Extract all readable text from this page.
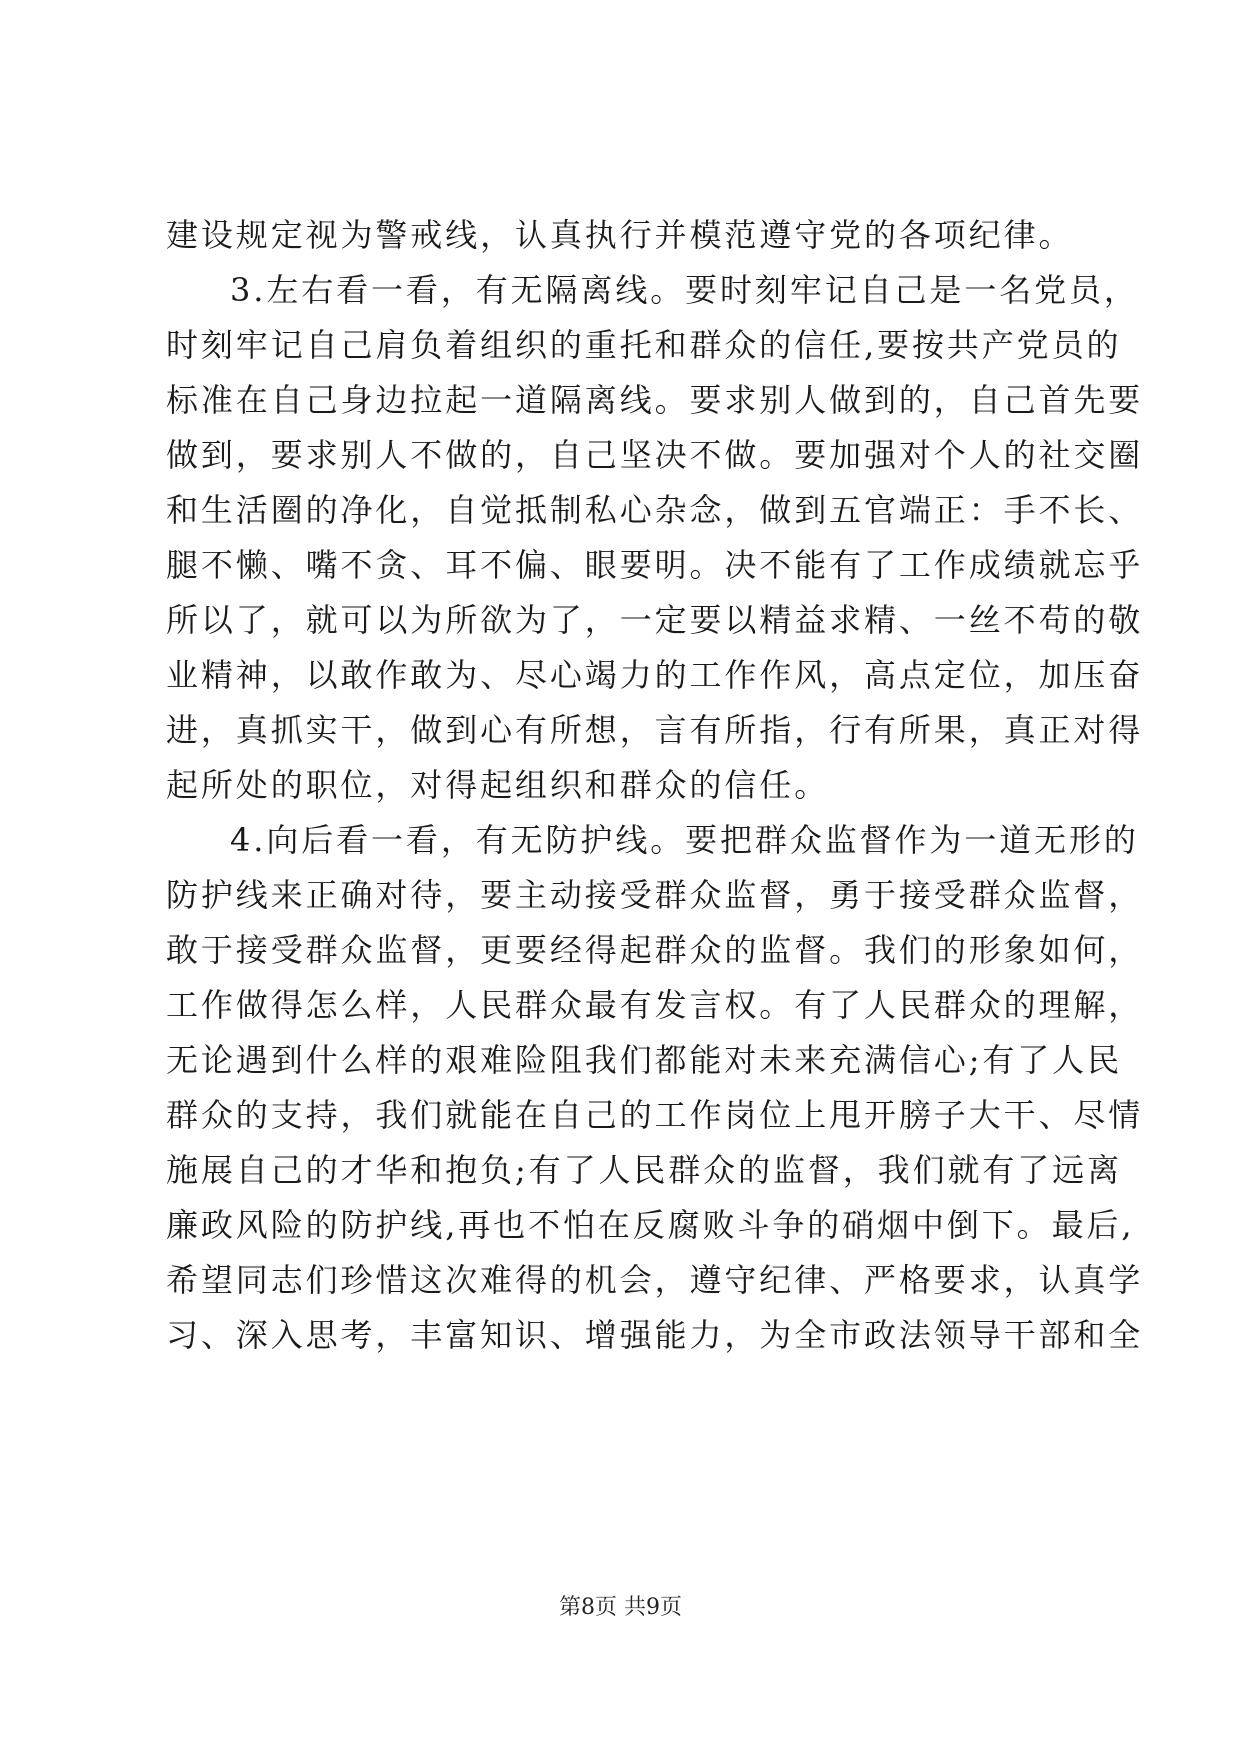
建设规定视为警戒线，认真执行并模范遵守党的各项纪律。
3.左右看一看，有无隔离线。要时刻牢记自己是一名党员，
时刻牢记自己肩负着组织的重托和群众的信任,要按共产党员的
标准在自己身边拉起一道隔离线。要求别人做到的，自己首先要
做到，要求别人不做的，自己坚决不做。要加强对个人的社交圈
和生活圈的净化，自觉抵制私心杂念，做到五官端正：手不长、
腿不懒、嘴不贪、耳不偏、眼要明。决不能有了工作成绩就忘乎
所以了，就可以为所欲为了，一定要以精益求精、一丝不苟的敬
业精神，以敢作敢为、尽心竭力的工作作风，高点定位，加压奋
进，真抓实干，做到心有所想，言有所指，行有所果，真正对得
起所处的职位，对得起组织和群众的信任。
4.向后看一看，有无防护线。要把群众监督作为一道无形的
防护线来正确对待，要主动接受群众监督，勇于接受群众监督，
敢于接受群众监督，更要经得起群众的监督。我们的形象如何，
工作做得怎么样，人民群众最有发言权。有了人民群众的理解，
无论遇到什么样的艰难险阻我们都能对未来充满信心;有了人民
群众的支持，我们就能在自己的工作岗位上甩开膀子大干、尽情
施展自己的才华和抱负;有了人民群众的监督，我们就有了远离
廉政风险的防护线,再也不怕在反腐败斗争的硝烟中倒下。最后,
希望同志们珍惜这次难得的机会，遵守纪律、严格要求，认真学
习、深入思考，丰富知识、增强能力，为全市政法领导干部和全
第8页 共9页
